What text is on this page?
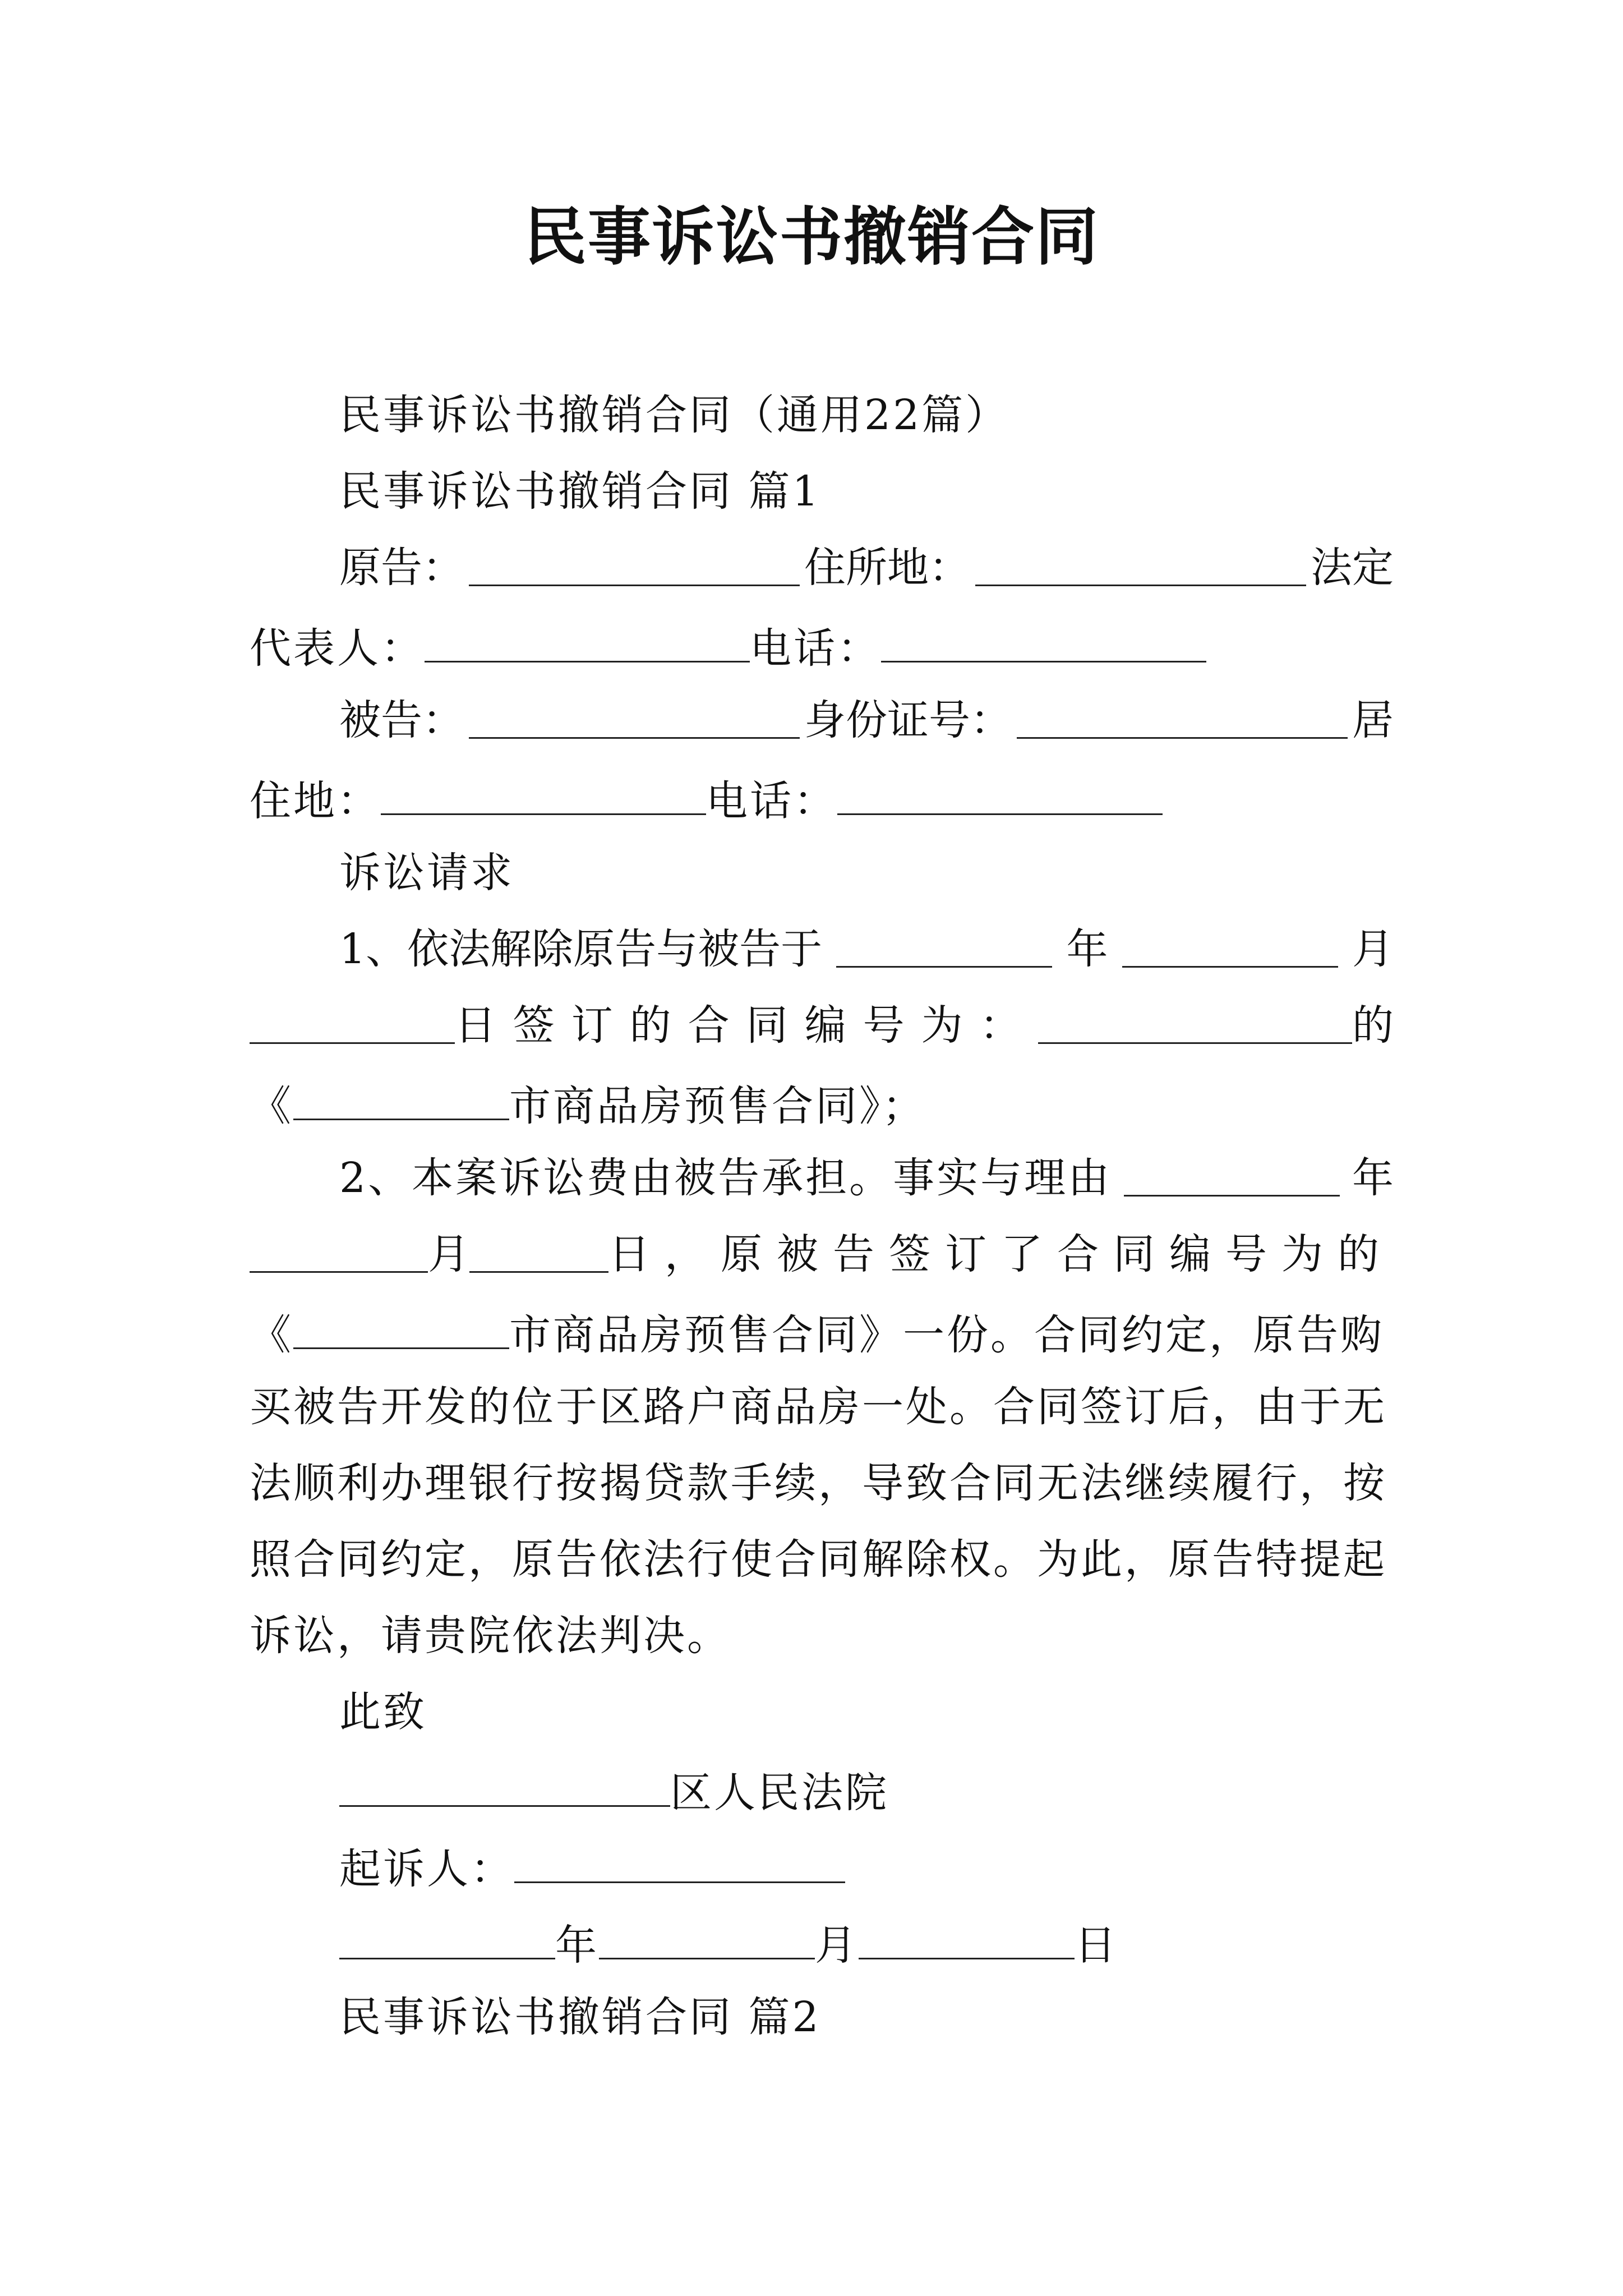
民事诉讼书撤销合同
民事诉讼书撤销合同（通用22篇）
民事诉讼书撤销合同 篇1
原告：	住所地：	法定
代表人：	电话：
被告：	身份证号：	居
住地：	电话：
诉讼请求
1、依法解除原告与被告于	年	月
日签订的合同编号为：	的
《	市商品房预售合同》；
2、本案诉讼费由被告承担。事实与理由	年
月	日，原被告签订了合同编号为的
《	市商品房预售合同》一份。合同约定，原告购
买被告开发的位于区路户商品房一处。合同签订后，由于无
法顺利办理银行按揭贷款手续，导致合同无法继续履行，按
照合同约定，原告依法行使合同解除权。为此，原告特提起
诉讼，请贵院依法判决。
此致
区人民法院
起诉人：
年	月	日
民事诉讼书撤销合同 篇2
